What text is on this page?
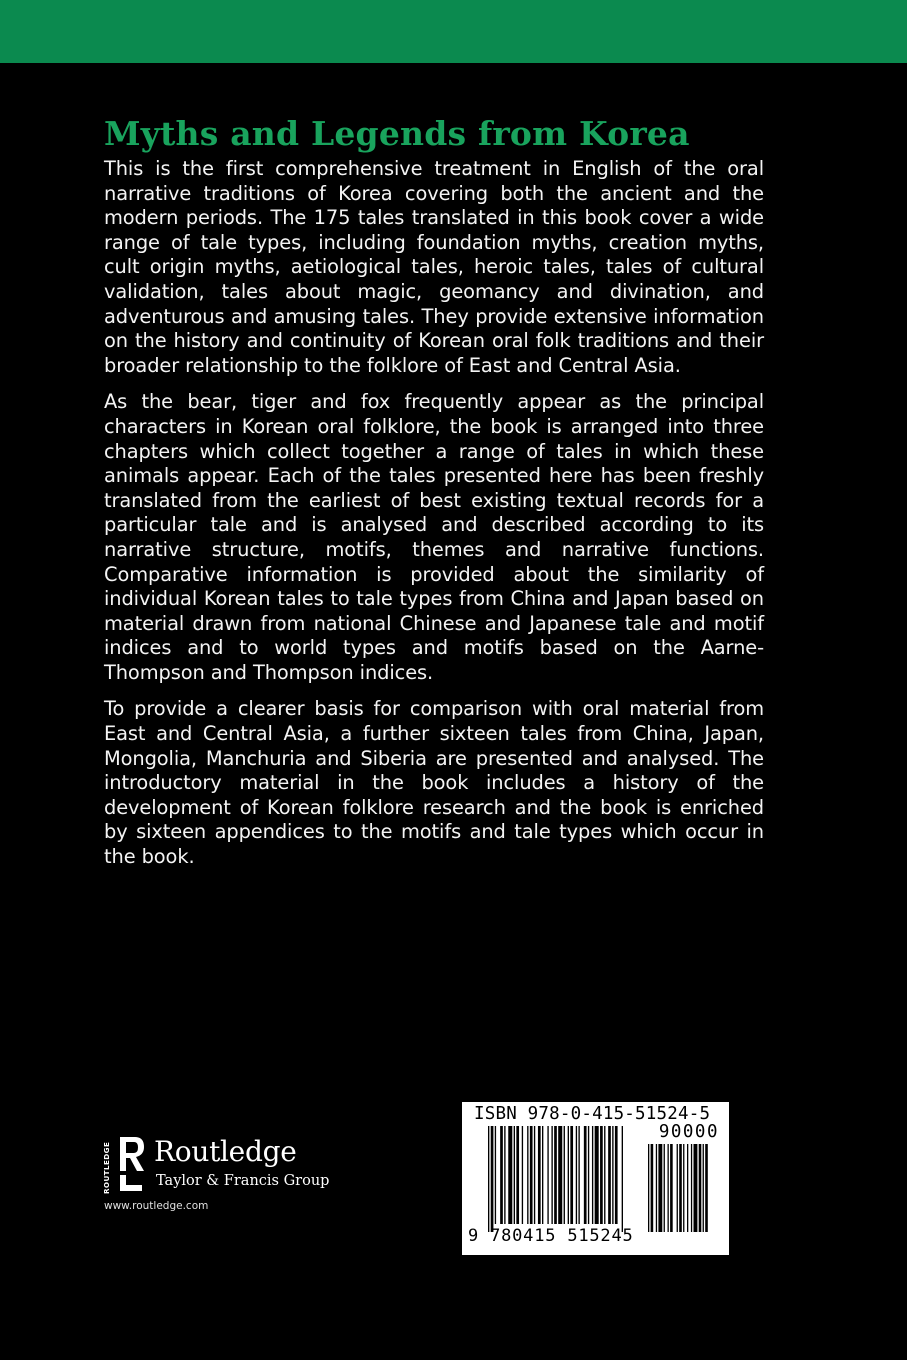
Myths and Legends from Korea

This is the first comprehensive treatment in English of the oral narrative traditions of Korea covering both the ancient and the modern periods. The 175 tales translated in this book cover a wide range of tale types, including foundation myths, creation myths, cult origin myths, aetiological tales, heroic tales, tales of cultural validation, tales about magic, geomancy and divination, and adventurous and amusing tales. They provide extensive information on the history and continuity of Korean oral folk traditions and their broader relationship to the folklore of East and Central Asia.

As the bear, tiger and fox frequently appear as the principal characters in Korean oral folklore, the book is arranged into three chapters which collect together a range of tales in which these animals appear. Each of the tales presented here has been freshly translated from the earliest of best existing textual records for a particular tale and is analysed and described according to its narrative structure, motifs, themes and narrative functions. Comparative information is provided about the similarity of individual Korean tales to tale types from China and Japan based on material drawn from national Chinese and Japanese tale and motif indices and to world types and motifs based on the Aarne-Thompson and Thompson indices.

To provide a clearer basis for comparison with oral material from East and Central Asia, a further sixteen tales from China, Japan, Mongolia, Manchuria and Siberia are presented and analysed. The introductory material in the book includes a history of the development of Korean folklore research and the book is enriched by sixteen appendices to the motifs and tale types which occur in the book.

ROUTLEDGE Routledge
Taylor & Francis Group
www.routledge.com
ISBN 978-0-415-51524-5
90000
9 780415 515245
